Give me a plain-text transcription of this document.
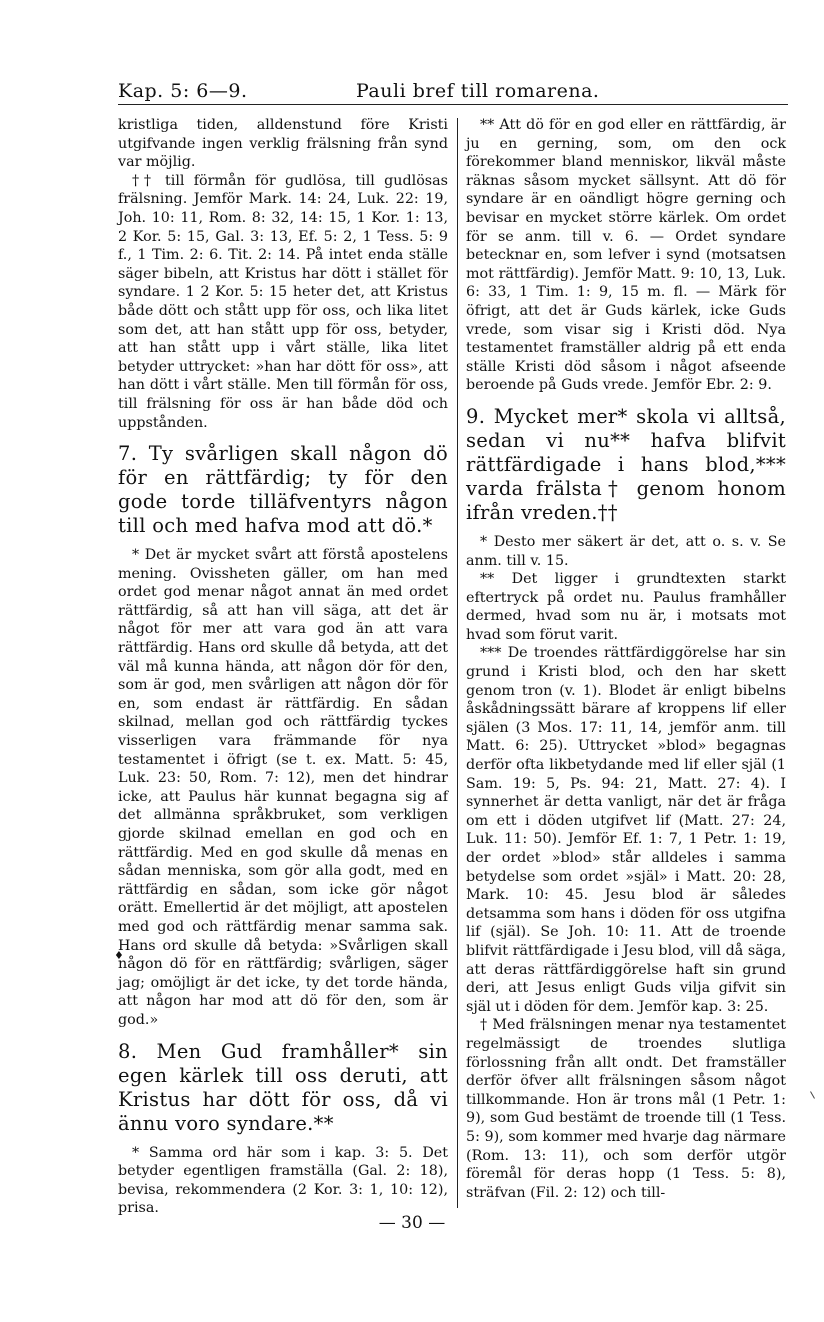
Kap. 5: 6—9.	Pauli bref till romarena.

kristliga tiden, alldenstund före Kristi utgifvande ingen verklig frälsning från synd var möjlig.

†† till förmån för gudlösa, till gudlösas frälsning. Jemför Mark. 14: 24, Luk. 22: 19, Joh. 10: 11, Rom. 8: 32, 14: 15, 1 Kor. 1: 13, 2 Kor. 5: 15, Gal. 3: 13, Ef. 5: 2, 1 Tess. 5: 9 f., 1 Tim. 2: 6. Tit. 2: 14. På intet enda ställe säger bibeln, att Kristus har dött i stället för syndare. 1 2 Kor. 5: 15 heter det, att Kristus både dött och stått upp för oss, och lika litet som det, att han stått upp för oss, betyder, att han stått upp i vårt ställe, lika litet betyder uttrycket: »han har dött för oss», att han dött i vårt ställe. Men till förmån för oss, till frälsning för oss är han både död och uppstånden.

7. Ty svårligen skall någon dö för en rättfärdig; ty för den gode torde tilläfventyrs någon till och med hafva mod att dö.*

* Det är mycket svårt att förstå apostelens mening. Ovissheten gäller, om han med ordet god menar något annat än med ordet rättfärdig, så att han vill säga, att det är något för mer att vara god än att vara rättfärdig. Hans ord skulle då betyda, att det väl må kunna hända, att någon dör för den, som är god, men svårligen att någon dör för en, som endast är rättfärdig. En sådan skilnad, mellan god och rättfärdig tyckes visserligen vara främmande för nya testamentet i öfrigt (se t. ex. Matt. 5: 45, Luk. 23: 50, Rom. 7: 12), men det hindrar icke, att Paulus här kunnat begagna sig af det allmänna språkbruket, som verkligen gjorde skilnad emellan en god och en rättfärdig. Med en god skulle då menas en sådan menniska, som gör alla godt, med en rättfärdig en sådan, som icke gör något orätt. Emellertid är det möjligt, att apostelen med god och rättfärdig menar samma sak. Hans ord skulle då betyda: »Svårligen skall någon dö för en rättfärdig; svårligen, säger jag; omöjligt är det icke, ty det torde hända, att någon har mod att dö för den, som är god.»

8. Men Gud framhåller* sin egen kärlek till oss deruti, att Kristus har dött för oss, då vi ännu voro syndare.**

* Samma ord här som i kap. 3: 5. Det betyder egentligen framställa (Gal. 2: 18), bevisa, rekommendera (2 Kor. 3: 1, 10: 12), prisa.

** Att dö för en god eller en rättfärdig, är ju en gerning, som, om den ock förekommer bland menniskor, likväl måste räknas såsom mycket sällsynt. Att dö för syndare är en oändligt högre gerning och bevisar en mycket större kärlek. Om ordet för se anm. till v. 6. — Ordet syndare betecknar en, som lefver i synd (motsatsen mot rättfärdig). Jemför Matt. 9: 10, 13, Luk. 6: 33, 1 Tim. 1: 9, 15 m. fl. — Märk för öfrigt, att det är Guds kärlek, icke Guds vrede, som visar sig i Kristi död. Nya testamentet framställer aldrig på ett enda ställe Kristi död såsom i något afseende beroende på Guds vrede. Jemför Ebr. 2: 9.

9. Mycket mer* skola vi alltså, sedan vi nu** hafva blifvit rättfärdigade i hans blod,*** varda frälsta† genom honom ifrån vreden.††

* Desto mer säkert är det, att o. s. v. Se anm. till v. 15.

** Det ligger i grundtexten starkt eftertryck på ordet nu. Paulus framhåller dermed, hvad som nu är, i motsats mot hvad som förut varit.

*** De troendes rättfärdiggörelse har sin grund i Kristi blod, och den har skett genom tron (v. 1). Blodet är enligt bibelns åskådningssätt bärare af kroppens lif eller själen (3 Mos. 17: 11, 14, jemför anm. till Matt. 6: 25). Uttrycket »blod» begagnas derför ofta likbetydande med lif eller själ (1 Sam. 19: 5, Ps. 94: 21, Matt. 27: 4). I synnerhet är detta vanligt, när det är fråga om ett i döden utgifvet lif (Matt. 27: 24, Luk. 11: 50). Jemför Ef. 1: 7, 1 Petr. 1: 19, der ordet »blod» står alldeles i samma betydelse som ordet »själ» i Matt. 20: 28, Mark. 10: 45. Jesu blod är således detsamma som hans i döden för oss utgifna lif (själ). Se Joh. 10: 11. Att de troende blifvit rättfärdigade i Jesu blod, vill då säga, att deras rättfärdiggörelse haft sin grund deri, att Jesus enligt Guds vilja gifvit sin själ ut i döden för dem. Jemför kap. 3: 25.

† Med frälsningen menar nya testamentet regelmässigt de troendes slutliga förlossning från allt ondt. Det framställer derför öfver allt frälsningen såsom något tillkommande. Hon är trons mål (1 Petr. 1: 9), som Gud bestämt de troende till (1 Tess. 5: 9), som kommer med hvarje dag närmare (Rom. 13: 11), och som derför utgör föremål för deras hopp (1 Tess. 5: 8), sträfvan (Fil. 2: 12) och till-

♦
— 30 —
